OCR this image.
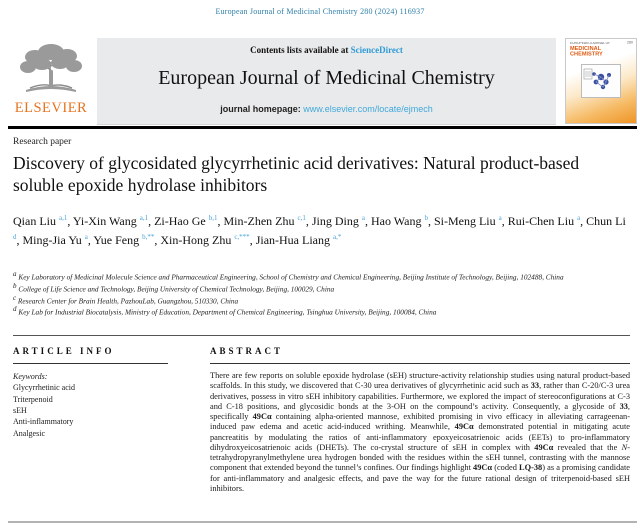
European Journal of Medicinal Chemistry 280 (2024) 116937
ELSEVIER
Contents lists available at ScienceDirect
European Journal of Medicinal Chemistry
journal homepage: www.elsevier.com/locate/ejmech
280
EUROPEAN JOURNAL OF
MEDICINAL
CHEMISTRY
Research paper
Discovery of glycosidated glycyrrhetinic acid derivatives: Natural product-based soluble epoxide hydrolase inhibitors
Qian Liu $^{a,1}$, Yi-Xin Wang $^{a,1}$, Zi-Hao Ge $^{b,1}$, Min-Zhen Zhu $^{c,1}$, Jing Ding $^a$, Hao Wang $^b$, Si-Meng Liu $^a$, Rui-Chen Liu $^a$, Chun Li $^d$, Ming-Jia Yu $^a$, Yue Feng $^{b,**}$, Xin-Hong Zhu $^{c,***}$, Jian-Hua Liang $^{a,*}$
$^a$ Key Laboratory of Medicinal Molecule Science and Pharmaceutical Engineering, School of Chemistry and Chemical Engineering, Beijing Institute of Technology, Beijing, 102488, China
$^b$ College of Life Science and Technology, Beijing University of Chemical Technology, Beijing, 100029, China
$^c$ Research Center for Brain Health, PazhouLab, Guangzhou, 510330, China
$^d$ Key Lab for Industrial Biocatalysis, Ministry of Education, Department of Chemical Engineering, Tsinghua University, Beijing, 100084, China
ARTICLE INFO
Keywords:
Glycyrrhetinic acid
Triterpenoid
sEH
Anti-inflammatory
Analgesic
ABSTRACT
There are few reports on soluble epoxide hydrolase (sEH) structure-activity relationship studies using natural product-based scaffolds. In this study, we discovered that C-30 urea derivatives of glycyrrhetinic acid such as 33, rather than C-20/C-3 urea derivatives, possess in vitro sEH inhibitory capabilities. Furthermore, we explored the impact of stereoconfigurations at C-3 and C-18 positions, and glycosidic bonds at the 3-OH on the compound’s activity. Consequently, a glycoside of 33, specifically 49Cα containing alpha-oriented mannose, exhibited promising in vivo efficacy in alleviating carrageenan-induced paw edema and acetic acid-induced writhing. Meanwhile, 49Cα demonstrated potential in mitigating acute pancreatitis by modulating the ratios of anti-inflammatory epoxyeicosatrienoic acids (EETs) to pro-inflammatory dihydroxyeicosatrienoic acids (DHETs). The co-crystal structure of sEH in complex with 49Cα revealed that the N-tetrahydropyranylmethylene urea hydrogen bonded with the residues within the sEH tunnel, contrasting with the mannose component that extended beyond the tunnel’s confines. Our findings highlight 49Cα (coded LQ-38) as a promising candidate for anti-inflammatory and analgesic effects, and pave the way for the future rational design of triterpenoid-based sEH inhibitors.
